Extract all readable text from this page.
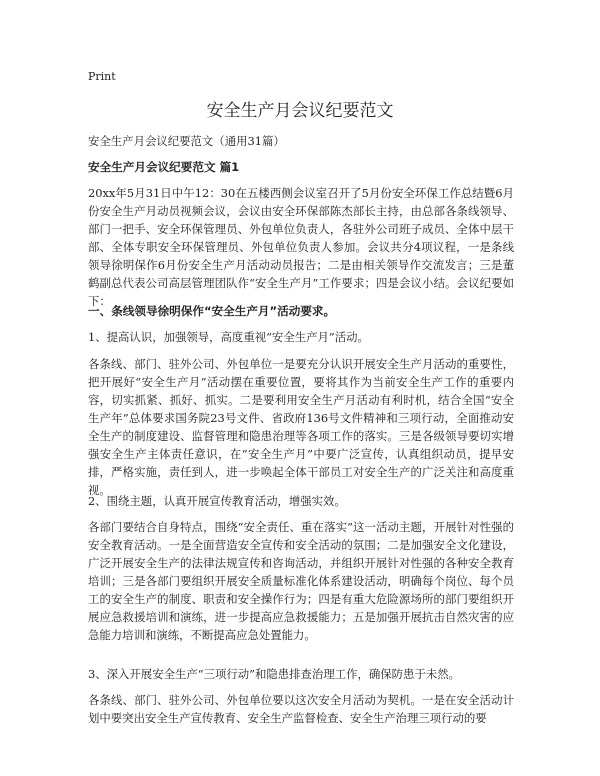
Print
安全生产月会议纪要范文
安全生产月会议纪要范文（通用31篇）
安全生产月会议纪要范文 篇1
20xx年5月31日中午12：30在五楼西侧会议室召开了5月份安全环保工作总结暨6月份安全生产月动员视频会议，会议由安全环保部陈杰部长主持，由总部各条线领导、部门一把手、安全环保管理员、外包单位负责人，各驻外公司班子成员、全体中层干部、全体专职安全环保管理员、外包单位负责人参加。会议共分4项议程，一是条线领导徐明保作6月份安全生产月活动动员报告；二是由相关领导作交流发言；三是董鹤副总代表公司高层管理团队作“安全生产月”工作要求；四是会议小结。会议纪要如下：
一、条线领导徐明保作“安全生产月”活动要求。
1、提高认识，加强领导，高度重视“安全生产月”活动。
各条线、部门、驻外公司、外包单位一是要充分认识开展安全生产月活动的重要性，把开展好“安全生产月”活动摆在重要位置，要将其作为当前安全生产工作的重要内容，切实抓紧、抓好、抓实。二是要利用安全生产月活动有利时机，结合全国“安全生产年”总体要求国务院23号文件、省政府136号文件精神和三项行动，全面推动安全生产的制度建设、监督管理和隐患治理等各项工作的落实。三是各级领导要切实增强安全生产主体责任意识，在“安全生产月”中要广泛宣传，认真组织动员，提早安排，严格实施，责任到人，进一步唤起全体干部员工对安全生产的广泛关注和高度重视。
2、围绕主题，认真开展宣传教育活动，增强实效。
各部门要结合自身特点，围绕“安全责任、重在落实”这一活动主题，开展针对性强的安全教育活动。一是全面营造安全宣传和安全活动的氛围；二是加强安全文化建设，广泛开展安全生产的法律法规宣传和咨询活动，并组织开展针对性强的各种安全教育培训；三是各部门要组织开展安全质量标准化体系建设活动，明确每个岗位、每个员工的安全生产的制度、职责和安全操作行为；四是有重大危险源场所的部门要组织开展应急救援培训和演练，进一步提高应急救援能力；五是加强开展抗击自然灾害的应急能力培训和演练，不断提高应急处置能力。
3、深入开展安全生产“三项行动”和隐患排查治理工作，确保防患于未然。
各条线、部门、驻外公司、外包单位要以这次安全月活动为契机。一是在安全活动计划中要突出安全生产宣传教育、安全生产监督检查、安全生产治理三项行动的要
